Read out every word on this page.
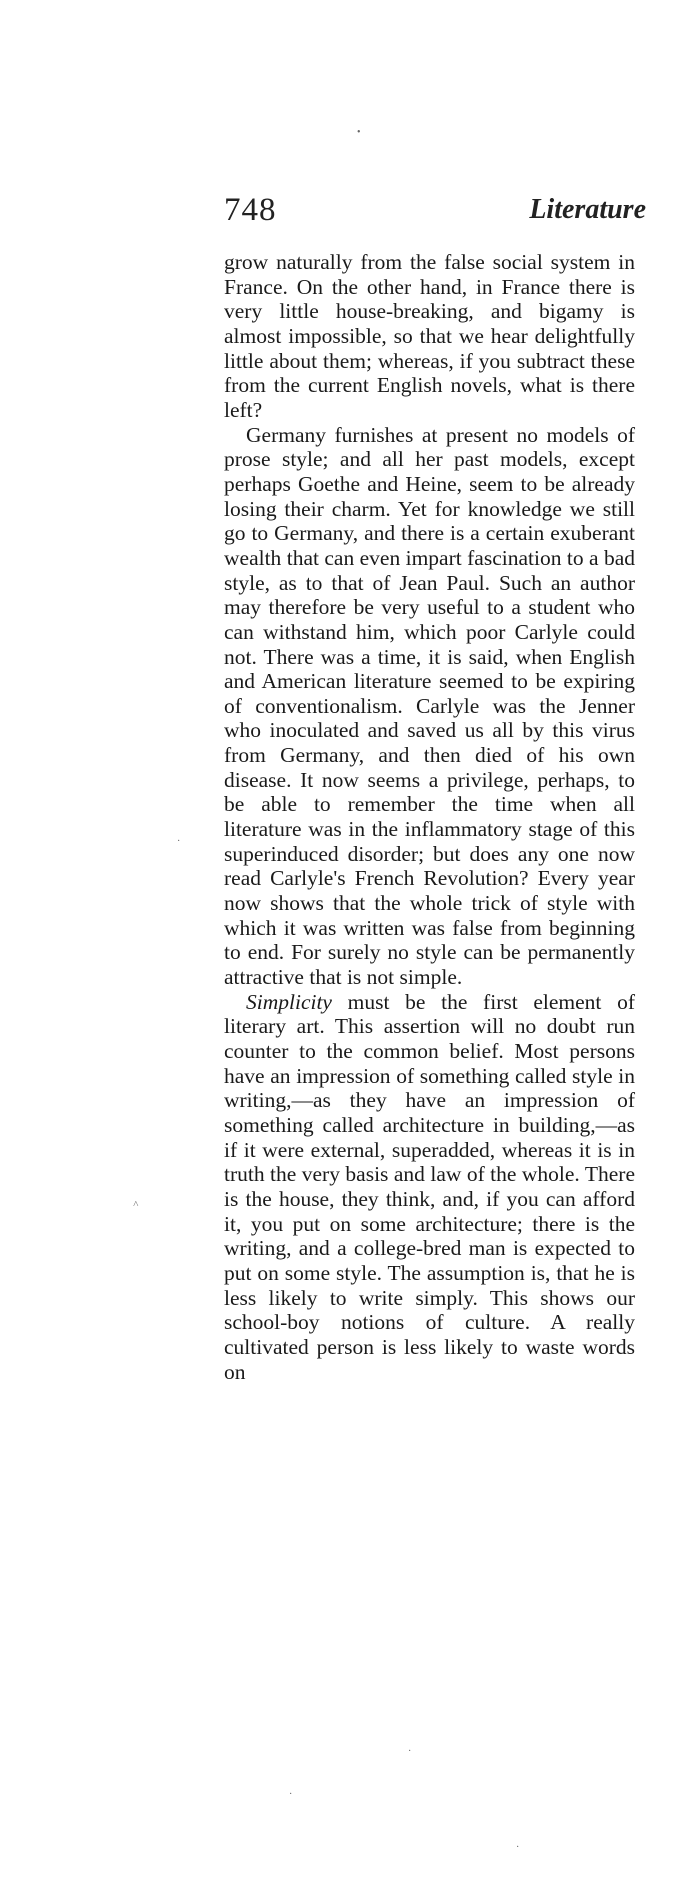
•
·
˄
·
·
·
748	Literature

grow naturally from the false social system in France. On the other hand, in France there is very little house-breaking, and bigamy is almost impossible, so that we hear delightfully little about them; whereas, if you subtract these from the current English novels, what is there left?

Germany furnishes at present no models of prose style; and all her past models, except perhaps Goethe and Heine, seem to be already losing their charm. Yet for knowledge we still go to Germany, and there is a certain exuberant wealth that can even impart fascination to a bad style, as to that of Jean Paul. Such an author may therefore be very useful to a student who can withstand him, which poor Carlyle could not. There was a time, it is said, when English and American literature seemed to be expiring of conventionalism. Carlyle was the Jenner who inoculated and saved us all by this virus from Germany, and then died of his own disease. It now seems a privilege, perhaps, to be able to remember the time when all literature was in the inflammatory stage of this superinduced disorder; but does any one now read Carlyle's French Revolution? Every year now shows that the whole trick of style with which it was written was false from beginning to end. For surely no style can be permanently attractive that is not simple.

Simplicity must be the first element of literary art. This assertion will no doubt run counter to the common belief. Most persons have an impression of something called style in writing,—as they have an impression of something called architecture in building,—as if it were external, superadded, whereas it is in truth the very basis and law of the whole. There is the house, they think, and, if you can afford it, you put on some architecture; there is the writing, and a college-bred man is expected to put on some style. The assumption is, that he is less likely to write simply. This shows our school-boy notions of culture. A really cultivated person is less likely to waste words on
